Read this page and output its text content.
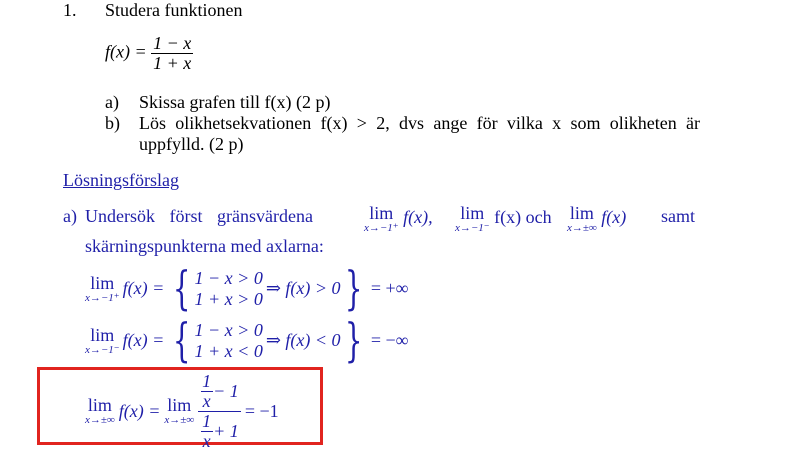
1. Studera funktionen
$f(x) = \frac{1 - x}{1 + x}$
a) Skissa grafen till f(x) (2 p)
b) Lös olikhetsekvationen f(x) > 2, dvs ange för vilka x som olikheten är
uppfylld. (2 p)
Lösningsförslag
a) Undersök först gränsvärdena	lim
x→−1⁺
f(x), lim
x→−1⁻
f(x) och lim
x→±∞
f(x) samt
skärningspunkterna med axlarna:
lim
x→−1⁺ f(x) = { 1 − x > 0
1 + x > 0
⇒ f(x) > 0 } = +∞
lim
x→−1⁻ f(x) = { 1 − x > 0
1 + x < 0
⇒ f(x) < 0 } = −∞
lim
x→±∞ f(x) = lim
$x\to\pm\infty \frac{\frac{1}{x} - 1}{\frac{1}{x} + 1} = -1$
